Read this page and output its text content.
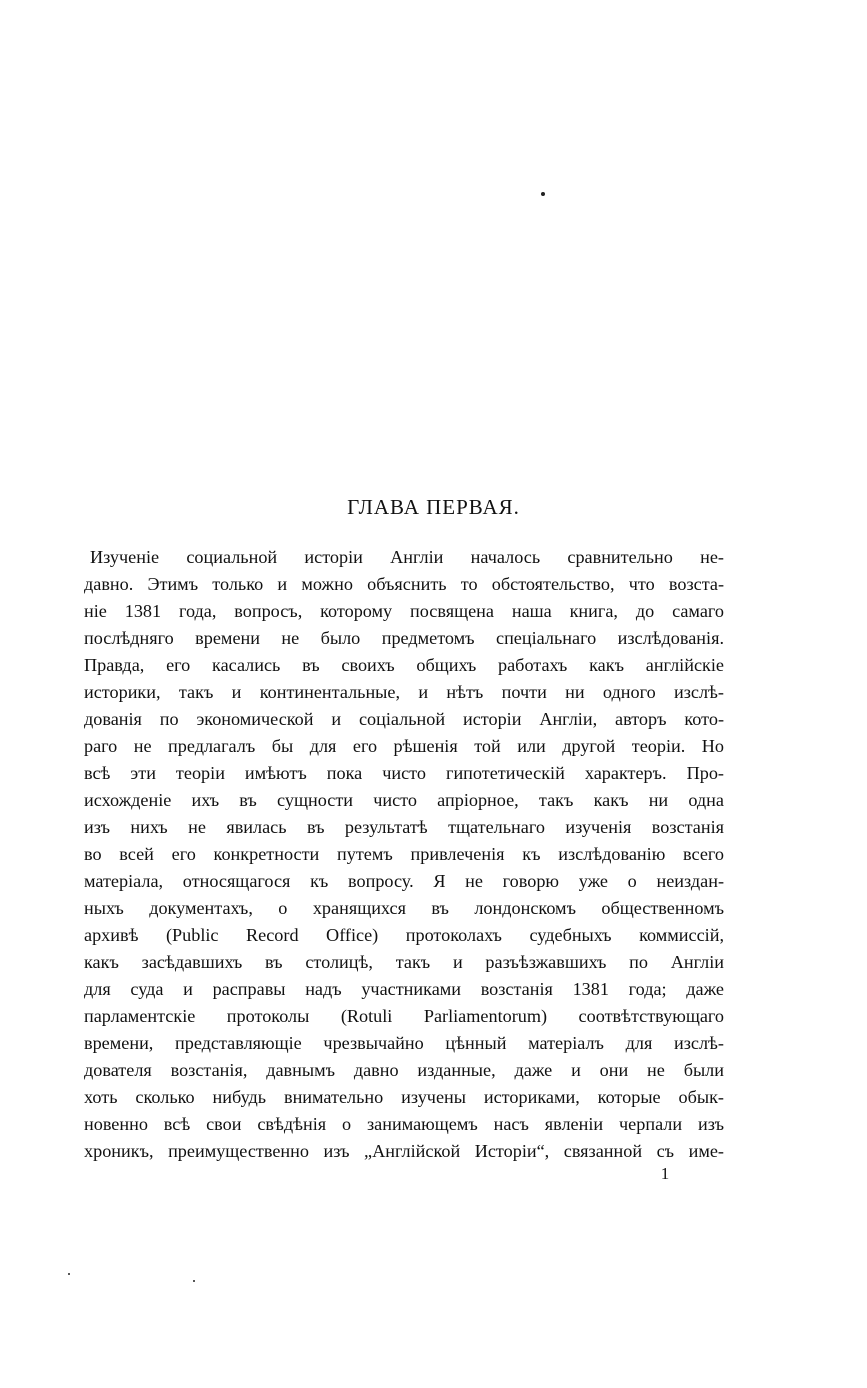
ГЛАВА ПЕРВАЯ.
Изученіе социальной исторіи Англіи началось сравнительно не-
давно. Этимъ только и можно объяснить то обстоятельство, что возста-
ніе 1381 года, вопросъ, которому посвящена наша книга, до самаго
послѣдняго времени не было предметомъ спеціальнаго изслѣдованія.
Правда, его касались въ своихъ общихъ работахъ какъ англійскіе
историки, такъ и континентальные, и нѣтъ почти ни одного изслѣ-
дованія по экономической и соціальной исторіи Англіи, авторъ кото-
раго не предлагалъ бы для его рѣшенія той или другой теоріи. Но
всѣ эти теоріи имѣютъ пока чисто гипотетическій характеръ. Про-
исхожденіе ихъ въ сущности чисто апріорное, такъ какъ ни одна
изъ нихъ не явилась въ результатѣ тщательнаго изученія возстанія
во всей его конкретности путемъ привлеченія къ изслѣдованію всего
матеріала, относящагося къ вопросу. Я не говорю уже о неиздан-
ныхъ документахъ, о хранящихся въ лондонскомъ общественномъ
архивѣ (Public Record Office) протоколахъ судебныхъ коммиссій,
какъ засѣдавшихъ въ столицѣ, такъ и разъѣзжавшихъ по Англіи
для суда и расправы надъ участниками возстанія 1381 года; даже
парламентскіе протоколы (Rotuli Parliamentorum) соотвѣтствующаго
времени, представляющіе чрезвычайно цѣнный матеріалъ для изслѣ-
дователя возстанія, давнымъ давно изданные, даже и они не были
хоть сколько нибудь внимательно изучены историками, которые обык-
новенно всѣ свои свѣдѣнія о занимающемъ насъ явленіи черпали изъ
хроникъ, преимущественно изъ „Англійской Исторіи“, связанной съ име-
1
